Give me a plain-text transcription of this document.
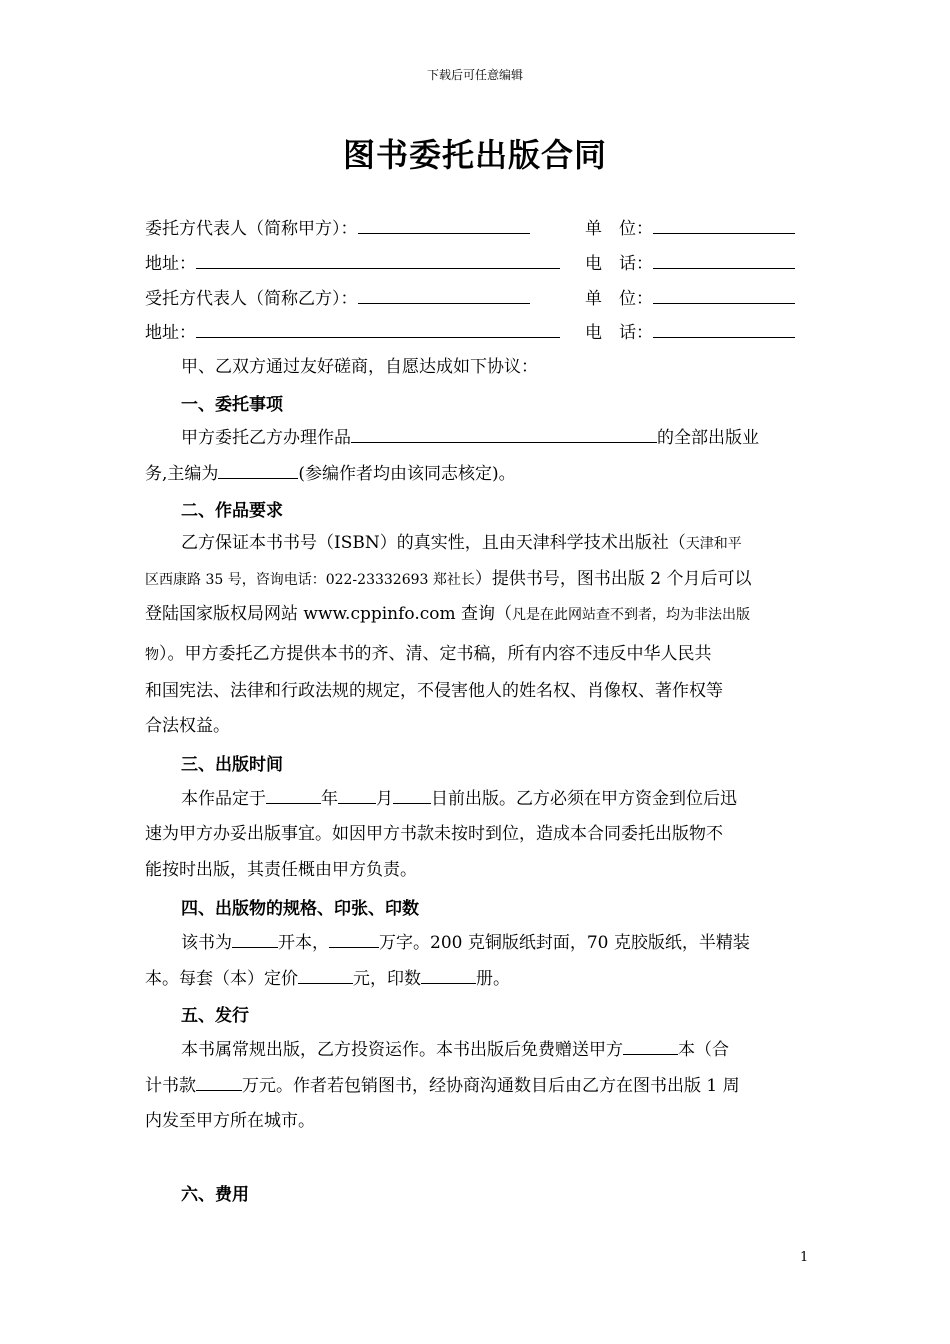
下载后可任意编辑
图书委托出版合同
委托方代表人（简称甲方）：	单　位：
地址：	电　话：
受托方代表人（简称乙方）：	单　位：
地址：	电　话：
甲、乙双方通过友好磋商，自愿达成如下协议：
一、委托事项
甲方委托乙方办理作品	的全部出版业
务,主编为	(参编作者均由该同志核定)。
二、作品要求
乙方保证本书书号（ISBN）的真实性，且由天津科学技术出版社（天津和平
区西康路 35 号，咨询电话：022-23332693 郑社长）提供书号，图书出版 2 个月后可以
登陆国家版权局网站 www.cppinfo.com 查询（凡是在此网站查不到者，均为非法出版
物）。甲方委托乙方提供本书的齐、清、定书稿，所有内容不违反中华人民共
和国宪法、法律和行政法规的规定，不侵害他人的姓名权、肖像权、著作权等
合法权益。
三、出版时间
本作品定于	年 月 日前出版。乙方必须在甲方资金到位后迅
速为甲方办妥出版事宜。如因甲方书款未按时到位，造成本合同委托出版物不
能按时出版，其责任概由甲方负责。
四、出版物的规格、印张、印数
该书为	开本，	万字。200 克铜版纸封面，70 克胶版纸，半精装
本。每套（本）定价	元，印数	册。
五、发行
本书属常规出版，乙方投资运作。本书出版后免费赠送甲方	本（合
计书款	万元。作者若包销图书，经协商沟通数目后由乙方在图书出版 1 周
内发至甲方所在城市。
六、费用
1
